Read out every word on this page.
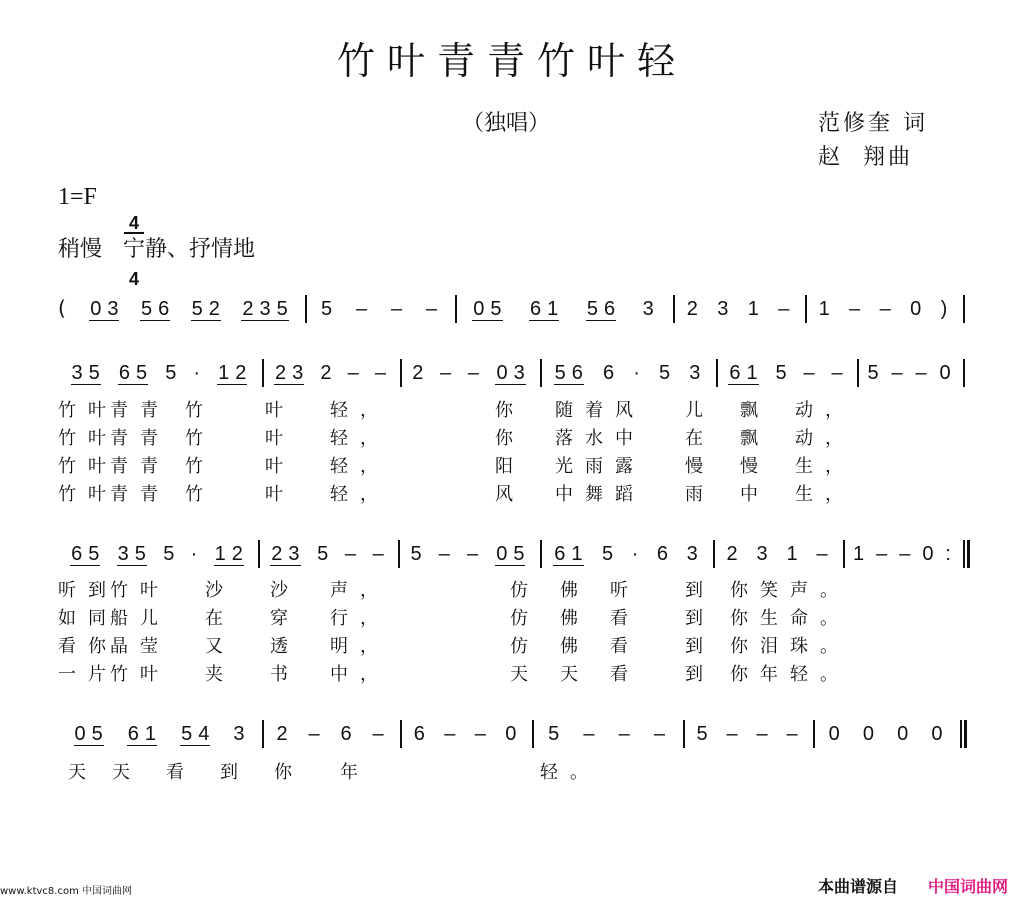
竹叶青青竹叶轻
（独唱）	范修奎 词
赵  翔曲
1=F

4

4

稍慢   宁静、抒情地
( 0 3 5 6 5 2 2 3 5 5 – – – 0 5 6 1 5 6 3 2 3 1 – 1 – – 0 )
3 5 6 5 5 · 1 2 2 3 2 – – 2 – – 0 3 5 6 6 · 5 3 6 1 5 – – 5 – – 0
6 5 3 5 5 · 1 2 2 3 5 – – 5 – – 0 5 6 1 5 · 6 3 2 3 1 – 1 – – 0 :
0 5 6 1 5 4 3 2 – 6 – 6 – – 0 5 – – – 5 – – – 0 0 0 0
竹叶
青青 竹	叶 轻，	你 随着风 儿 飘 动，
竹叶
青青 竹	叶 轻，	你 落水中 在 飘 动，
竹叶
青青 竹	叶 轻，	阳 光雨露 慢 慢 生，
竹叶
青青 竹	叶 轻，	风 中舞蹈 雨 中 生，
听到
竹叶 沙 沙 声，	仿 佛 听	到 你笑声。
如同
船儿 在 穿 行，	仿 佛 看	到 你生命。
看你
晶莹 又 透 明，	仿 佛 看	到 你泪珠。
一片
竹叶 夹 书 中，	天 天 看	到 你年轻。
天 天 看 到 你 年	轻。
www.ktvc8.com 中国词曲网	本曲谱源自 中国词曲网
